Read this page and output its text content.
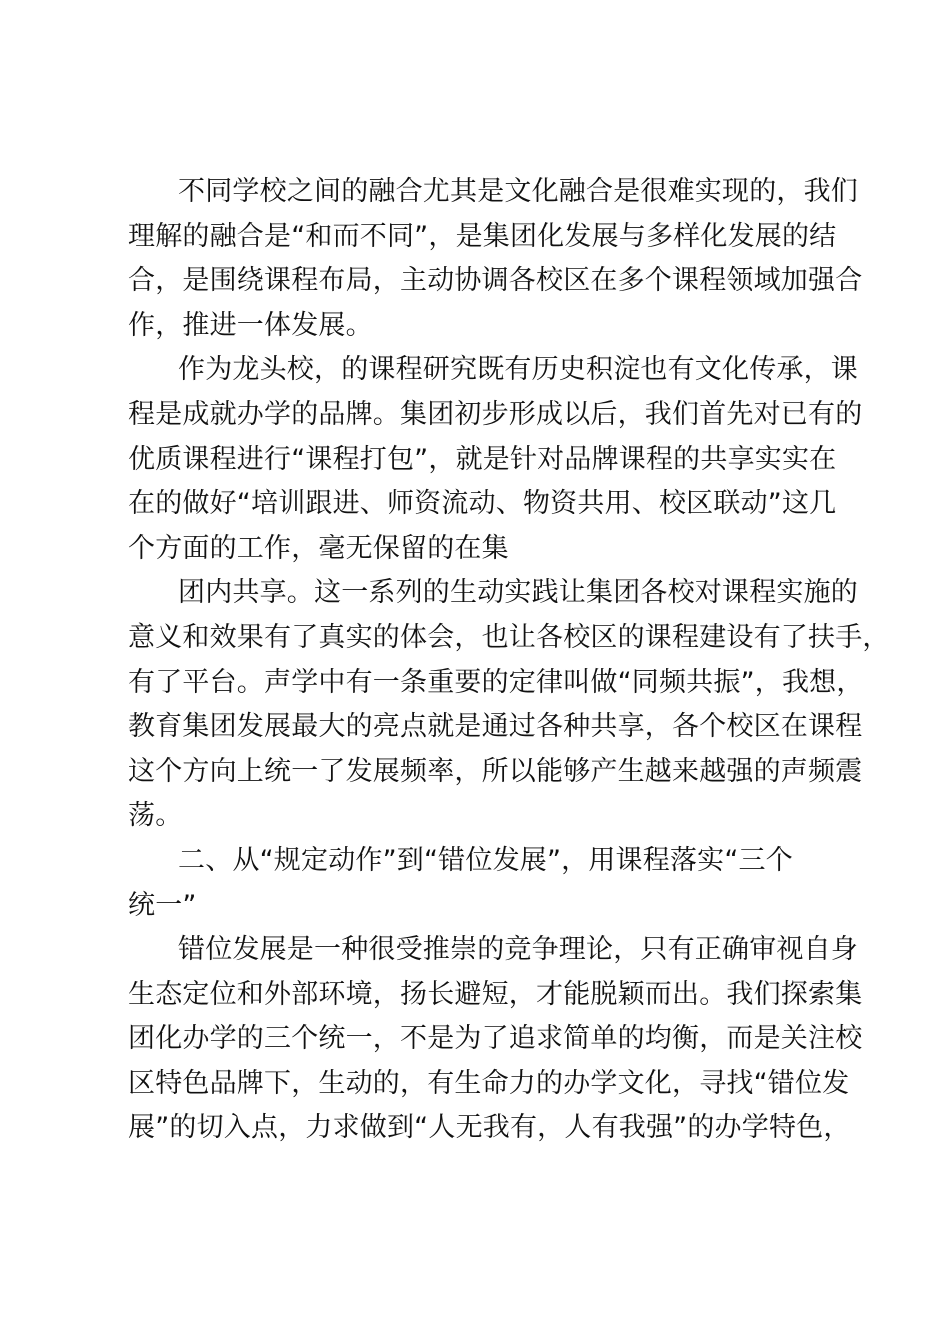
不同学校之间的融合尤其是文化融合是很难实现的，我们
理解的融合是“和而不同”，是集团化发展与多样化发展的结
合，是围绕课程布局，主动协调各校区在多个课程领域加强合
作，推进一体发展。

作为龙头校，的课程研究既有历史积淀也有文化传承，课
程是成就办学的品牌。集团初步形成以后，我们首先对已有的
优质课程进行“课程打包”，就是针对品牌课程的共享实实在
在的做好“培训跟进、师资流动、物资共用、校区联动”这几
个方面的工作，毫无保留的在集

团内共享。这一系列的生动实践让集团各校对课程实施的
意义和效果有了真实的体会，也让各校区的课程建设有了扶手，
有了平台。声学中有一条重要的定律叫做“同频共振”，我想，
教育集团发展最大的亮点就是通过各种共享，各个校区在课程
这个方向上统一了发展频率，所以能够产生越来越强的声频震
荡。

二、从“规定动作”到“错位发展”，用课程落实“三个
统一”

错位发展是一种很受推崇的竞争理论，只有正确审视自身
生态定位和外部环境，扬长避短，才能脱颖而出。我们探索集
团化办学的三个统一，不是为了追求简单的均衡，而是关注校
区特色品牌下，生动的，有生命力的办学文化，寻找“错位发
展”的切入点，力求做到“人无我有，人有我强”的办学特色，
